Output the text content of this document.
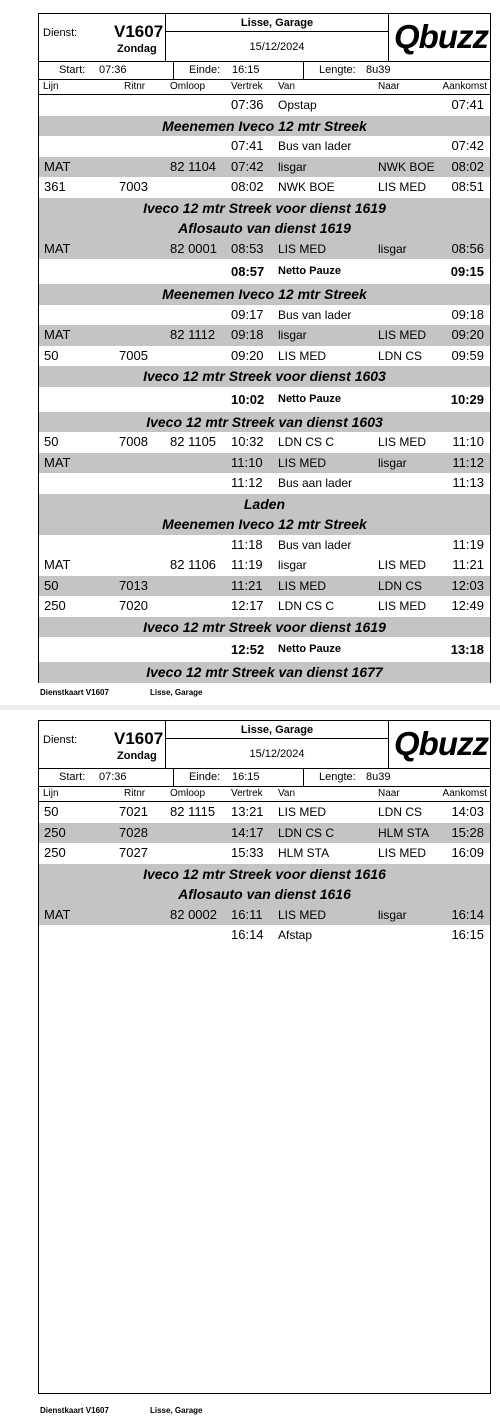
Dienst: V1607
Zondag
Lisse, Garage
15/12/2024	Qbuzz
Start: 07:36	Einde: 16:15	Lengte: 8u39
Lijn	Ritnr Omloop	Vertrek Van	Naar	Aankomst
07:36 Opstap	07:41
Meenemen Iveco 12 mtr Streek
07:41 Bus van lader	07:42
MAT	82 1104 07:42 lisgar	NWK BOE 08:02
361	7003	08:02 NWK BOE	LIS MED 08:51
Iveco 12 mtr Streek voor dienst 1619
Aflosauto van dienst 1619
MAT	82 0001 08:53 LIS MED	lisgar	08:56
08:57 Netto Pauze	09:15
Meenemen Iveco 12 mtr Streek
09:17 Bus van lader	09:18
MAT	82 1112 09:18 lisgar	LIS MED 09:20
50	7005	09:20 LIS MED	LDN CS 09:59
Iveco 12 mtr Streek voor dienst 1603
10:02 Netto Pauze	10:29
Iveco 12 mtr Streek van dienst 1603
50	7008 82 1105 10:32 LDN CS C	LIS MED 11:10
MAT	11:10 LIS MED	lisgar	11:12
11:12 Bus aan lader	11:13
Laden
Meenemen Iveco 12 mtr Streek
11:18 Bus van lader	11:19
MAT	82 1106 11:19 lisgar	LIS MED 11:21
50	7013	11:21 LIS MED	LDN CS 12:03
250	7020	12:17 LDN CS C	LIS MED 12:49
Iveco 12 mtr Streek voor dienst 1619
12:52 Netto Pauze	13:18
Iveco 12 mtr Streek van dienst 1677
Dienstkaart V1607	Lisse, Garage
Dienst: V1607
Zondag
Lisse, Garage
15/12/2024	Qbuzz
Start: 07:36	Einde: 16:15	Lengte: 8u39
Lijn	Ritnr Omloop	Vertrek Van	Naar	Aankomst
50	7021 82 1115 13:21 LIS MED	LDN CS 14:03
250	7028	14:17 LDN CS C	HLM STA 15:28
250	7027	15:33 HLM STA	LIS MED 16:09
Iveco 12 mtr Streek voor dienst 1616
Aflosauto van dienst 1616
MAT	82 0002 16:11 LIS MED	lisgar	16:14
16:14 Afstap	16:15
Dienstkaart V1607	Lisse, Garage
